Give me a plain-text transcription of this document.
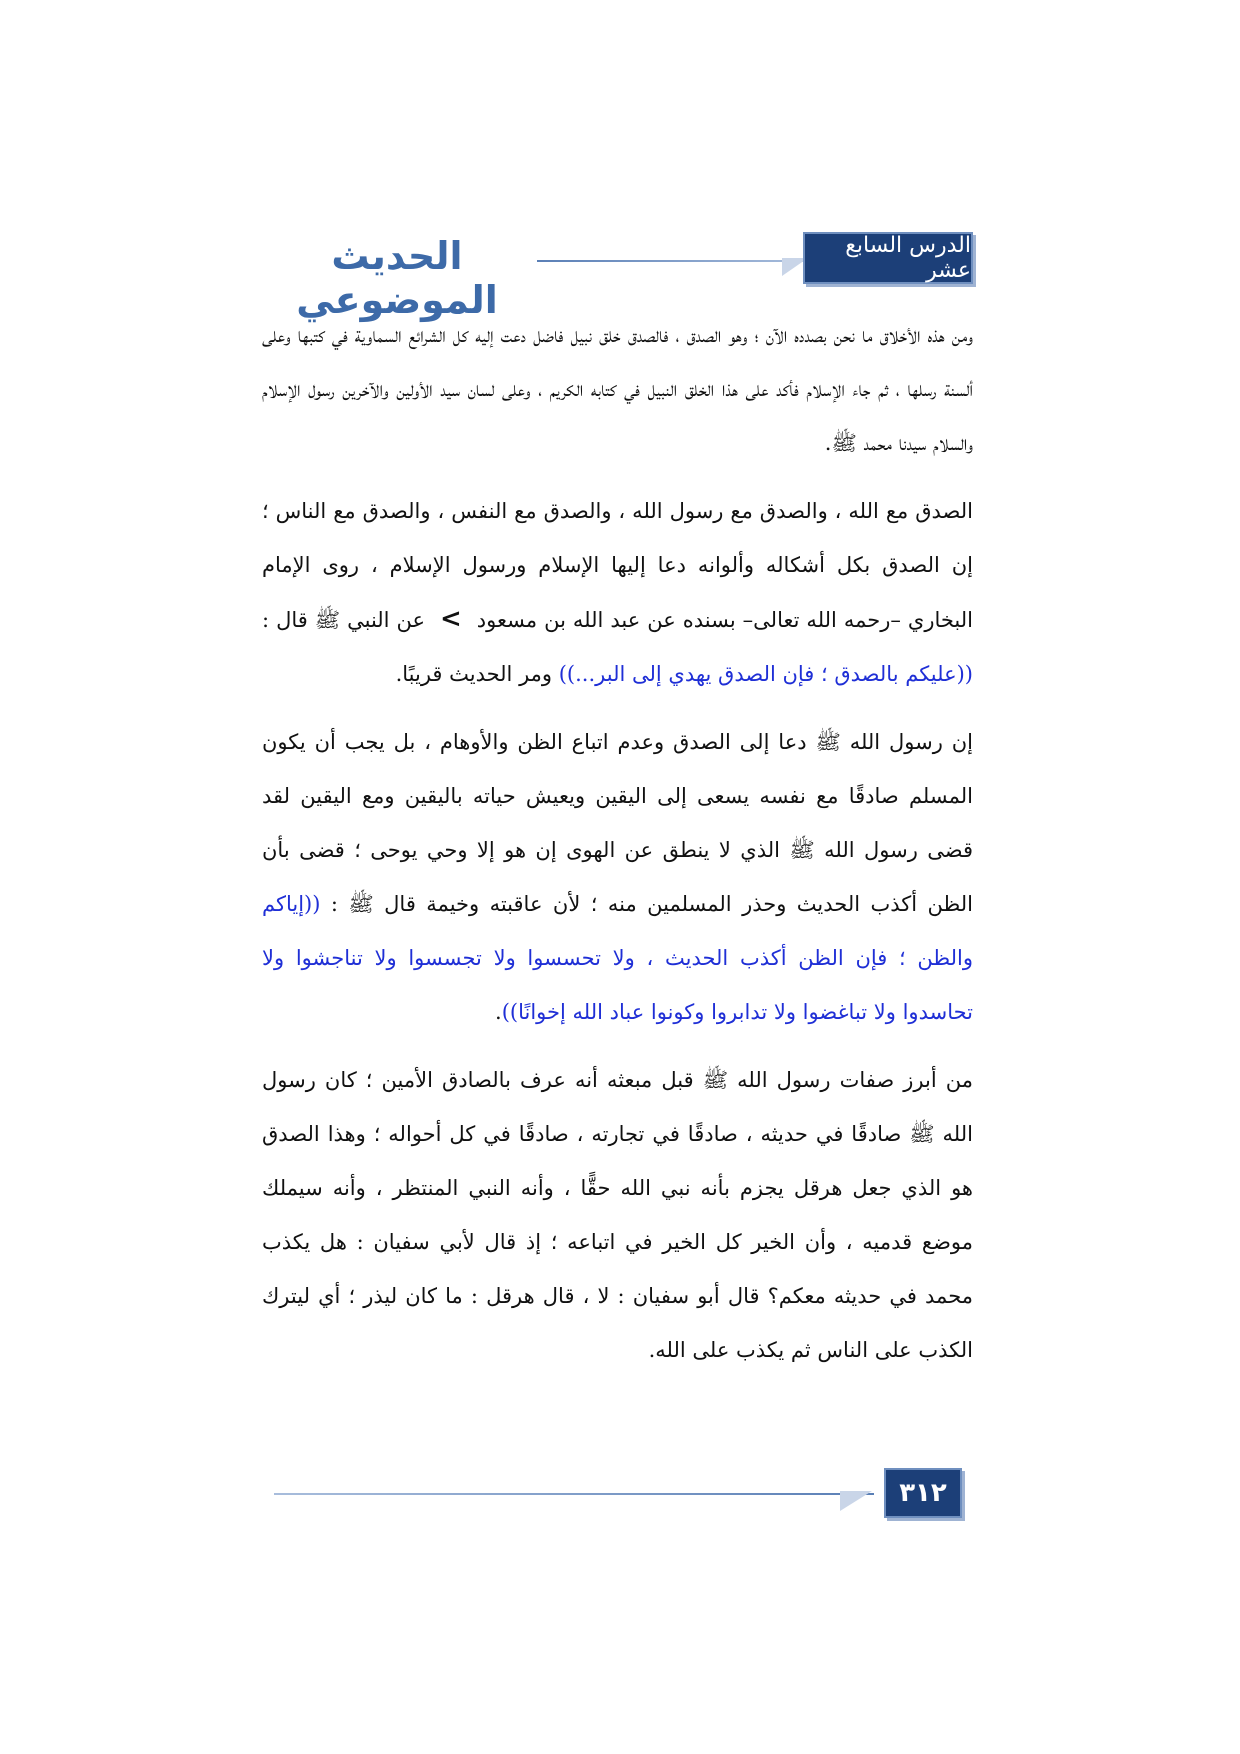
الحديث الموضوعي
الدرس السابع عشر

ومن هذه الأخلاق ما نحن بصدده الآن ؛ وهو الصدق ، فالصدق خلق نبيل فاضل دعت إليه كل الشرائع السماوية في كتبها وعلى ألسنة رسلها ، ثم جاء الإسلام فأكد على هذا الخلق النبيل في كتابه الكريم ، وعلى لسان سيد الأولين والآخرين رسول الإسلام والسلام سيدنا محمد ﷺ.

الصدق مع الله ، والصدق مع رسول الله ، والصدق مع النفس ، والصدق مع الناس ؛ إن الصدق بكل أشكاله وألوانه دعا إليها الإسلام ورسول الإسلام ، روى الإمام البخاري –رحمه الله تعالى– بسنده عن عبد الله بن مسعود > عن النبي ﷺ قال : ((عليكم بالصدق ؛ فإن الصدق يهدي إلى البر...)) ومر الحديث قريبًا.

إن رسول الله ﷺ دعا إلى الصدق وعدم اتباع الظن والأوهام ، بل يجب أن يكون المسلم صادقًا مع نفسه يسعى إلى اليقين ويعيش حياته باليقين ومع اليقين لقد قضى رسول الله ﷺ الذي لا ينطق عن الهوى إن هو إلا وحي يوحى ؛ قضى بأن الظن أكذب الحديث وحذر المسلمين منه ؛ لأن عاقبته وخيمة قال ﷺ : ((إياكم والظن ؛ فإن الظن أكذب الحديث ، ولا تحسسوا ولا تجسسوا ولا تناجشوا ولا تحاسدوا ولا تباغضوا ولا تدابروا وكونوا عباد الله إخوانًا)).

من أبرز صفات رسول الله ﷺ قبل مبعثه أنه عرف بالصادق الأمين ؛ كان رسول الله ﷺ صادقًا في حديثه ، صادقًا في تجارته ، صادقًا في كل أحواله ؛ وهذا الصدق هو الذي جعل هرقل يجزم بأنه نبي الله حقًّا ، وأنه النبي المنتظر ، وأنه سيملك موضع قدميه ، وأن الخير كل الخير في اتباعه ؛ إذ قال لأبي سفيان : هل يكذب محمد في حديثه معكم؟ قال أبو سفيان : لا ، قال هرقل : ما كان ليذر ؛ أي ليترك الكذب على الناس ثم يكذب على الله.

٣١٢
